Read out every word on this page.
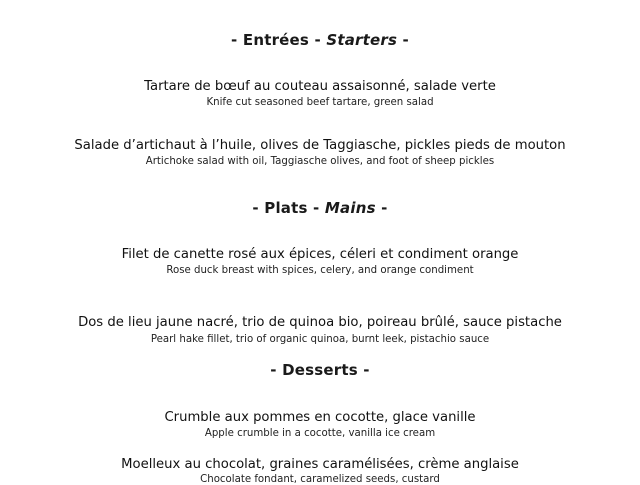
- Entrées - Starters -
Tartare de bœuf au couteau assaisonné, salade verte
Knife cut seasoned beef tartare, green salad
Salade d’artichaut à l’huile, olives de Taggiasche, pickles pieds de mouton
Artichoke salad with oil, Taggiasche olives, and foot of sheep pickles
- Plats - Mains -
Filet de canette rosé aux épices, céleri et condiment orange
Rose duck breast with spices, celery, and orange condiment
Dos de lieu jaune nacré, trio de quinoa bio, poireau brûlé, sauce pistache
Pearl hake fillet, trio of organic quinoa, burnt leek, pistachio sauce
- Desserts -
Crumble aux pommes en cocotte, glace vanille
Apple crumble in a cocotte, vanilla ice cream
Moelleux au chocolat, graines caramélisées, crème anglaise
Chocolate fondant, caramelized seeds, custard
